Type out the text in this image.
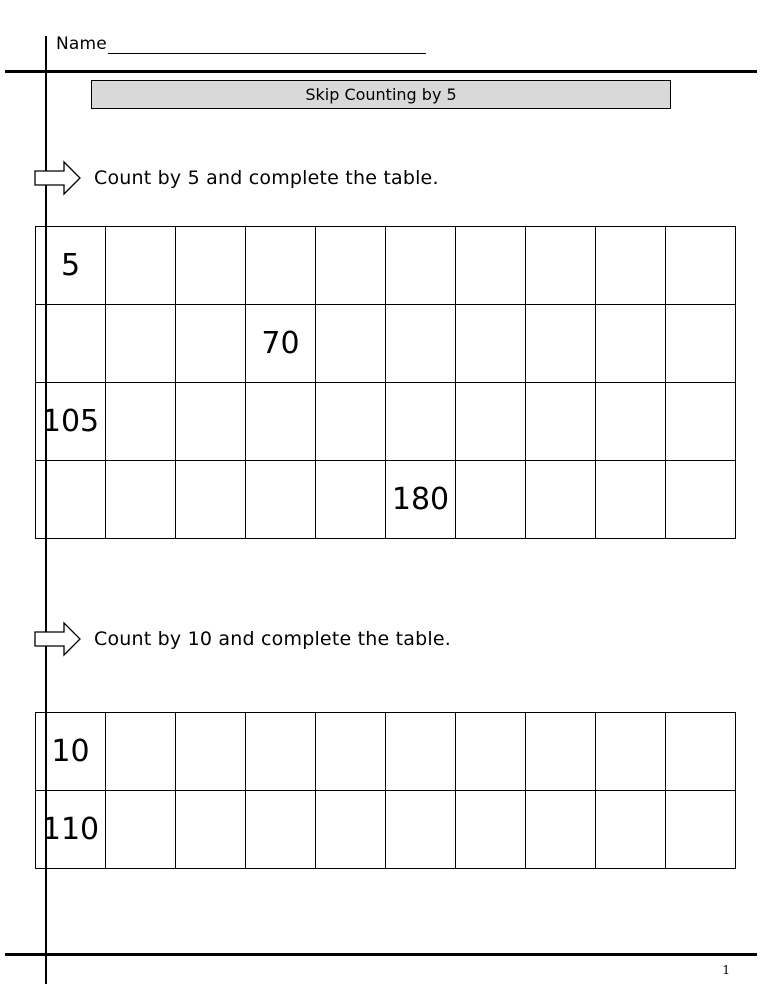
Name
Skip Counting by 5
Count by 5 and complete the table.
5									
			70						
105									
					180				
Count by 10 and complete the table.
10									
110									
1
